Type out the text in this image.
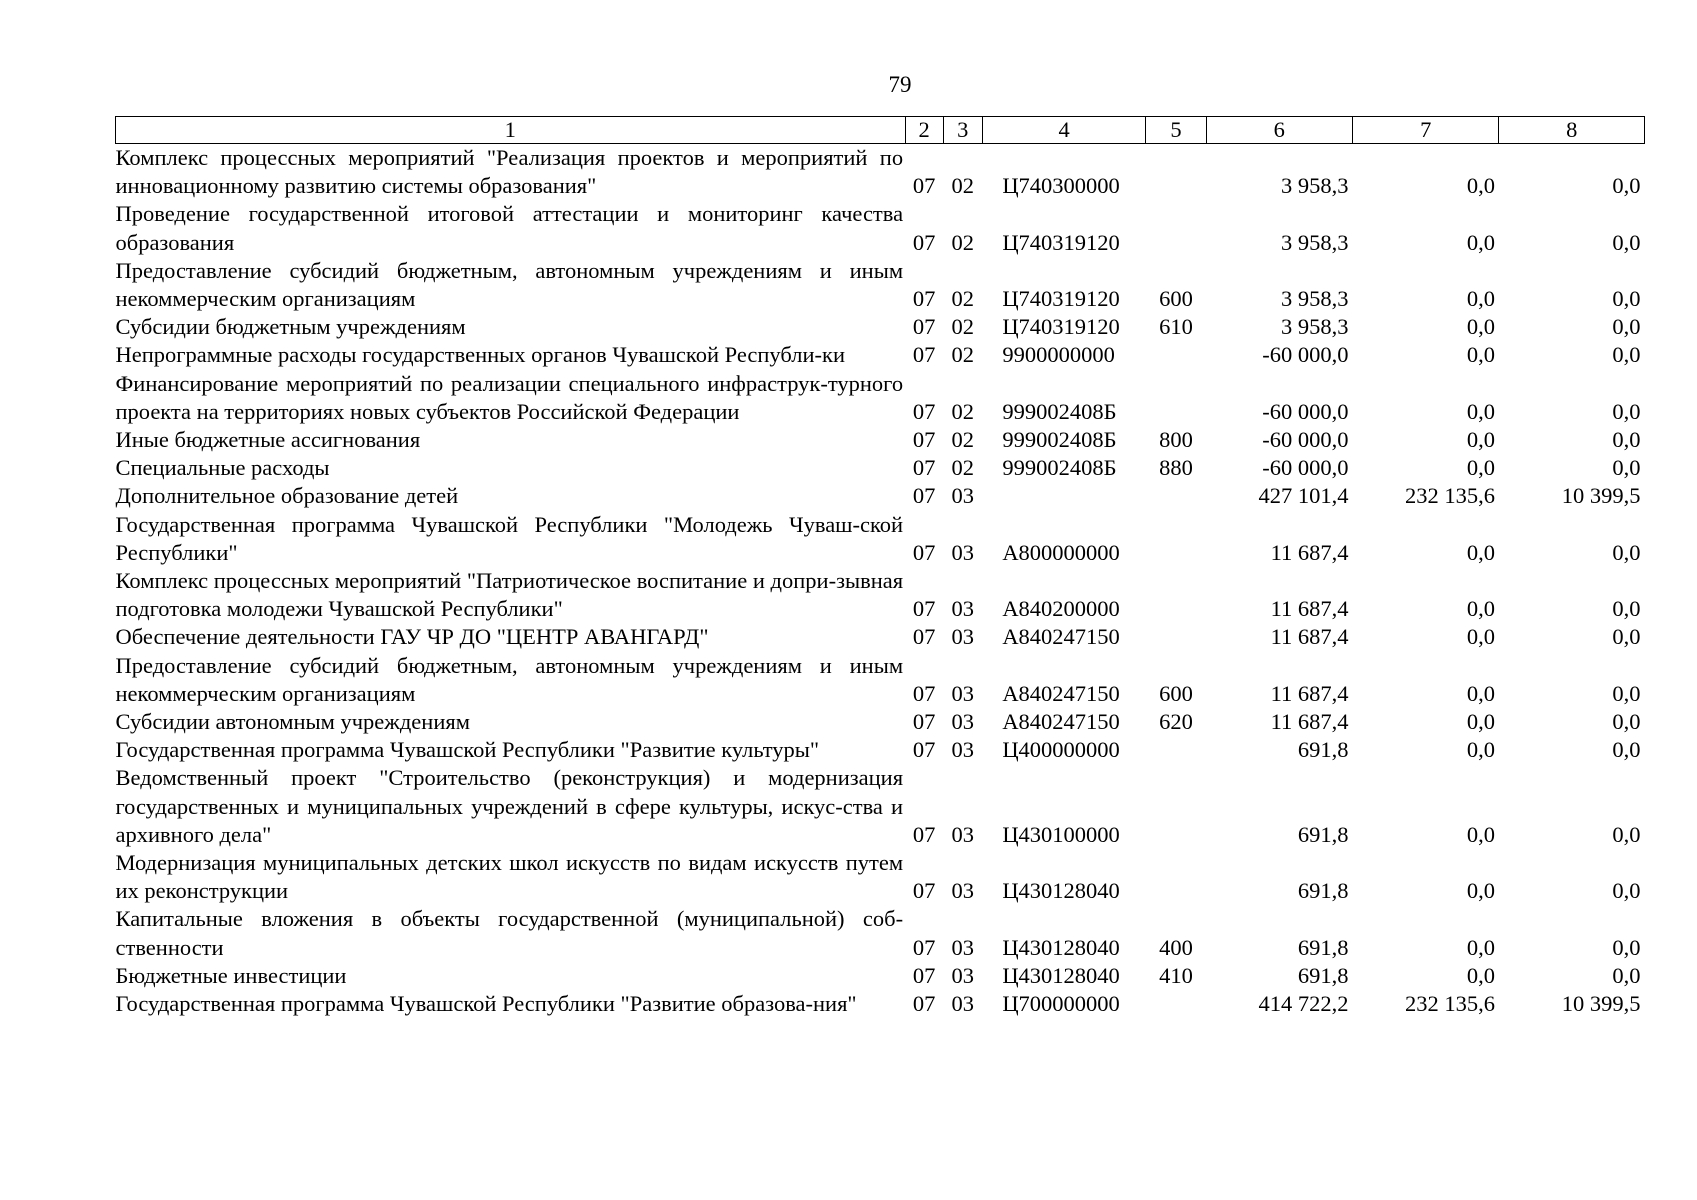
79
1	2	3	4	5	6	7	8
Комплекс процессных мероприятий "Реализация проектов и мероприятий по инновационному развитию системы образования"	07	02	Ц740300000		3 958,3	0,0	0,0
Проведение государственной итоговой аттестации и мониторинг качества образования	07	02	Ц740319120		3 958,3	0,0	0,0
Предоставление субсидий бюджетным, автономным учреждениям и иным некоммерческим организациям	07	02	Ц740319120	600	3 958,3	0,0	0,0
Субсидии бюджетным учреждениям	07	02	Ц740319120	610	3 958,3	0,0	0,0
Непрограммные расходы государственных органов Чувашской Республи-ки	07	02	9900000000		-60 000,0	0,0	0,0
Финансирование мероприятий по реализации специального инфраструк-турного проекта на территориях новых субъектов Российской Федерации	07	02	999002408Б		-60 000,0	0,0	0,0
Иные бюджетные ассигнования	07	02	999002408Б	800	-60 000,0	0,0	0,0
Специальные расходы	07	02	999002408Б	880	-60 000,0	0,0	0,0
Дополнительное образование детей	07	03			427 101,4	232 135,6	10 399,5
Государственная программа Чувашской Республики "Молодежь Чуваш-ской Республики"	07	03	А800000000		11 687,4	0,0	0,0
Комплекс процессных мероприятий "Патриотическое воспитание и допри-зывная подготовка молодежи Чувашской Республики"	07	03	А840200000		11 687,4	0,0	0,0
Обеспечение деятельности ГАУ ЧР ДО "ЦЕНТР АВАНГАРД"	07	03	А840247150		11 687,4	0,0	0,0
Предоставление субсидий бюджетным, автономным учреждениям и иным некоммерческим организациям	07	03	А840247150	600	11 687,4	0,0	0,0
Субсидии автономным учреждениям	07	03	А840247150	620	11 687,4	0,0	0,0
Государственная программа Чувашской Республики "Развитие культуры"	07	03	Ц400000000		691,8	0,0	0,0
Ведомственный проект "Строительство (реконструкция) и модернизация государственных и муниципальных учреждений в сфере культуры, искус-ства и архивного дела"	07	03	Ц430100000		691,8	0,0	0,0
Модернизация муниципальных детских школ искусств по видам искусств путем их реконструкции	07	03	Ц430128040		691,8	0,0	0,0
Капитальные вложения в объекты государственной (муниципальной) соб-ственности	07	03	Ц430128040	400	691,8	0,0	0,0
Бюджетные инвестиции	07	03	Ц430128040	410	691,8	0,0	0,0
Государственная программа Чувашской Республики "Развитие образова-ния"	07	03	Ц700000000		414 722,2	232 135,6	10 399,5
